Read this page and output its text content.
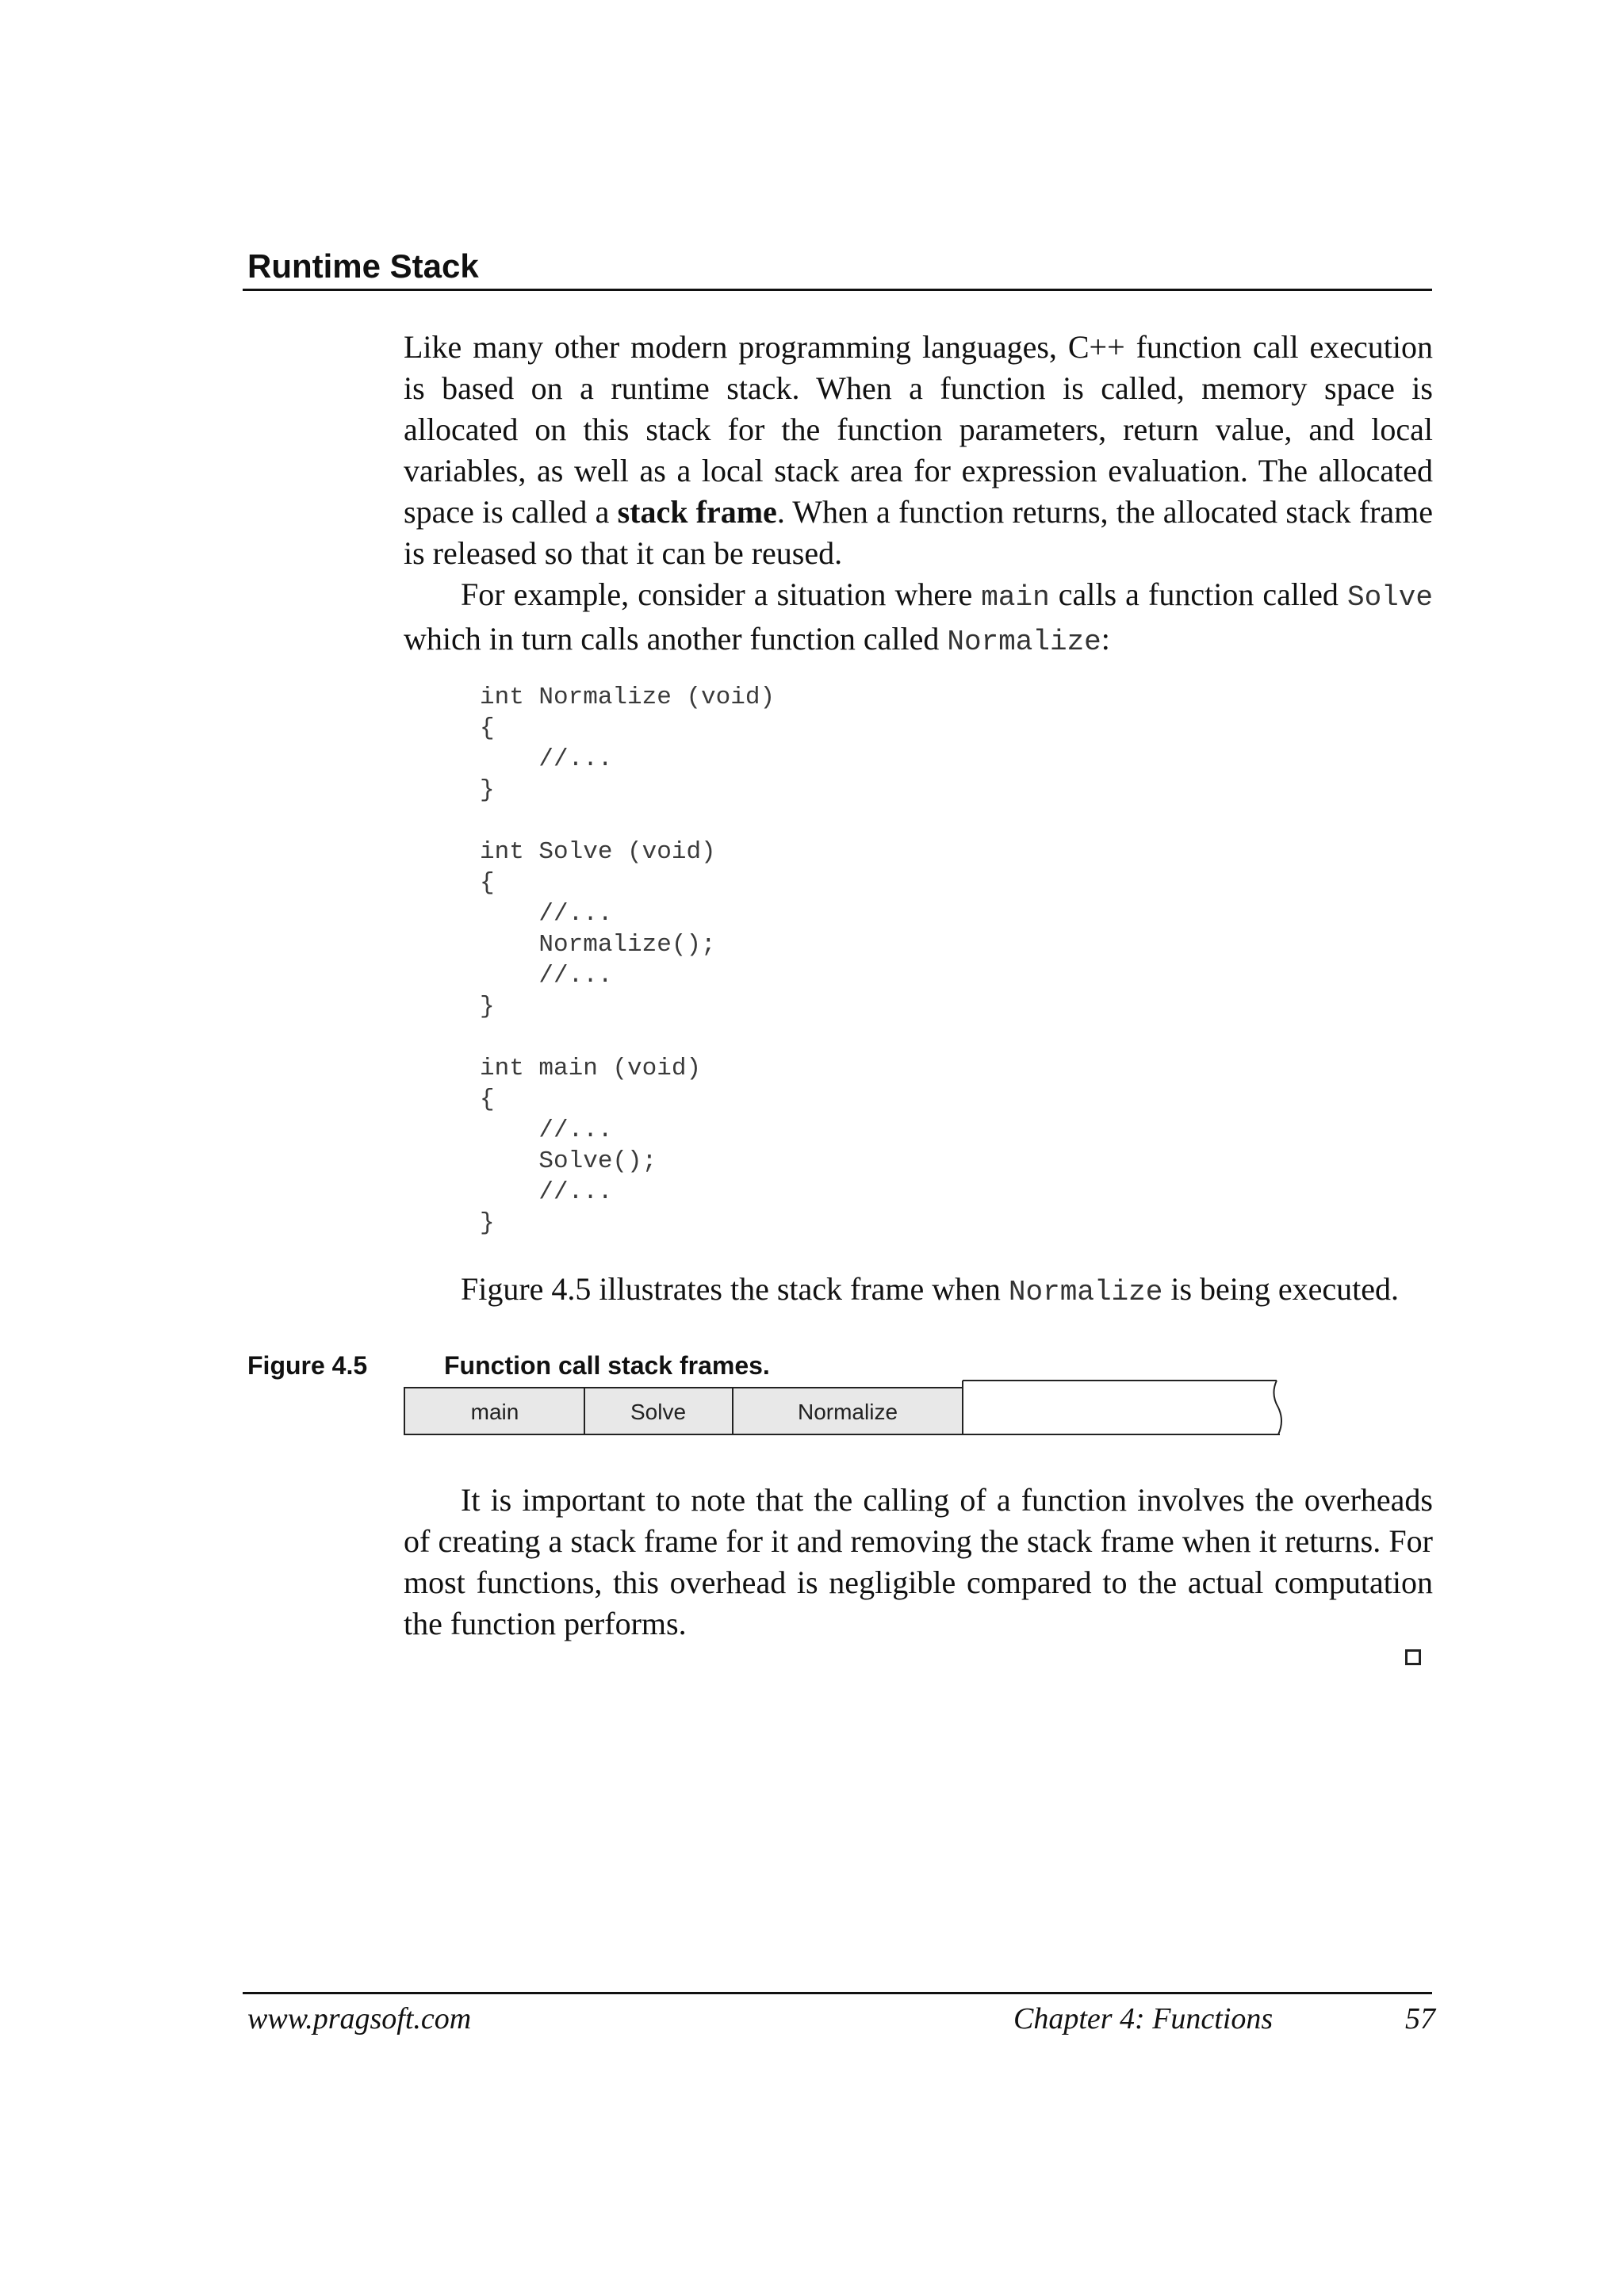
Runtime Stack

Like many other modern programming languages, C++ function call execution is based on a runtime stack. When a function is called, memory space is allocated on this stack for the function parameters, return value, and local variables, as well as a local stack area for expression evaluation. The allocated space is called a stack frame. When a function returns, the allocated stack frame is released so that it can be reused.

For example, consider a situation where main calls a function called Solve which in turn calls another function called Normalize:

int Normalize (void)
{
//...
}

int Solve (void)
{
//...
Normalize();
//...
}

int main (void)
{
//...
Solve();
//...
}

Figure 4.5 illustrates the stack frame when Normalize is being executed.

Figure 4.5	Function call stack frames.
main	Solve	Normalize

It is important to note that the calling of a function involves the overheads of creating a stack frame for it and removing the stack frame when it returns. For most functions, this overhead is negligible compared to the actual computation the function performs.

www.pragsoft.com	Chapter 4: Functions	57
